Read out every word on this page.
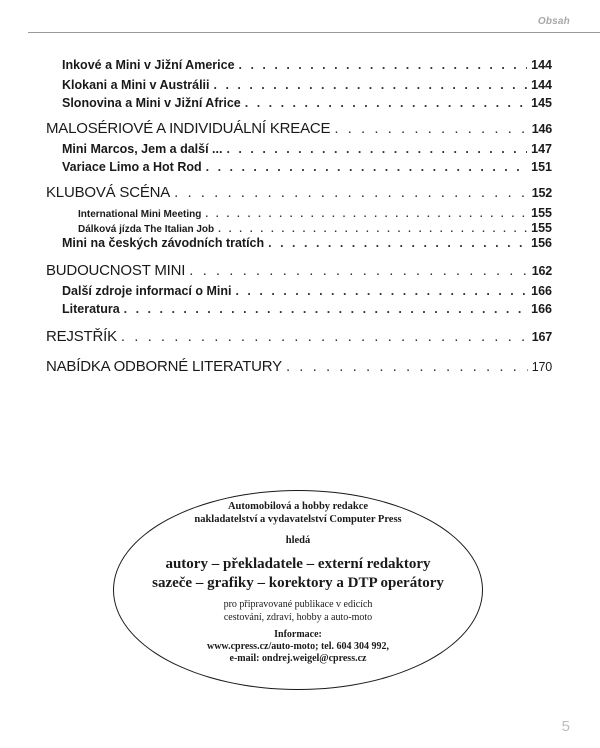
Obsah
Inkové a Mini v Jižní Americe . . .	144
Klokani a Mini v Austrálii . . .	144
Slonovina a Mini v Jižní Africe . . .	145
MALOSÉRIOVÉ A INDIVIDUÁLNÍ KREACE . . .	146
Mini Marcos, Jem a další ... . . .	147
Variace Limo a Hot Rod . . .	151
KLUBOVÁ SCÉNA . . .	152
International Mini Meeting . . .	155
Dálková jízda The Italian Job . . .	155
Mini na českých závodních tratích . . .	156
BUDOUCNOST MINI . . .	162
Další zdroje informací o Mini . . .	166
Literatura . . .	166
REJSTŘÍK . . .	167
NABÍDKA ODBORNÉ LITERATURY . . .	170
Automobilová a hobby redakce
nakladatelství a vydavatelství Computer Press
hledá
autory – překladatele – externí redaktory
sazeče – grafiky – korektory a DTP operátory
pro připravované publikace v edicích
cestování, zdraví, hobby a auto-moto
Informace:
www.cpress.cz/auto-moto; tel. 604 304 992,
e-mail: ondrej.weigel@cpress.cz
5
